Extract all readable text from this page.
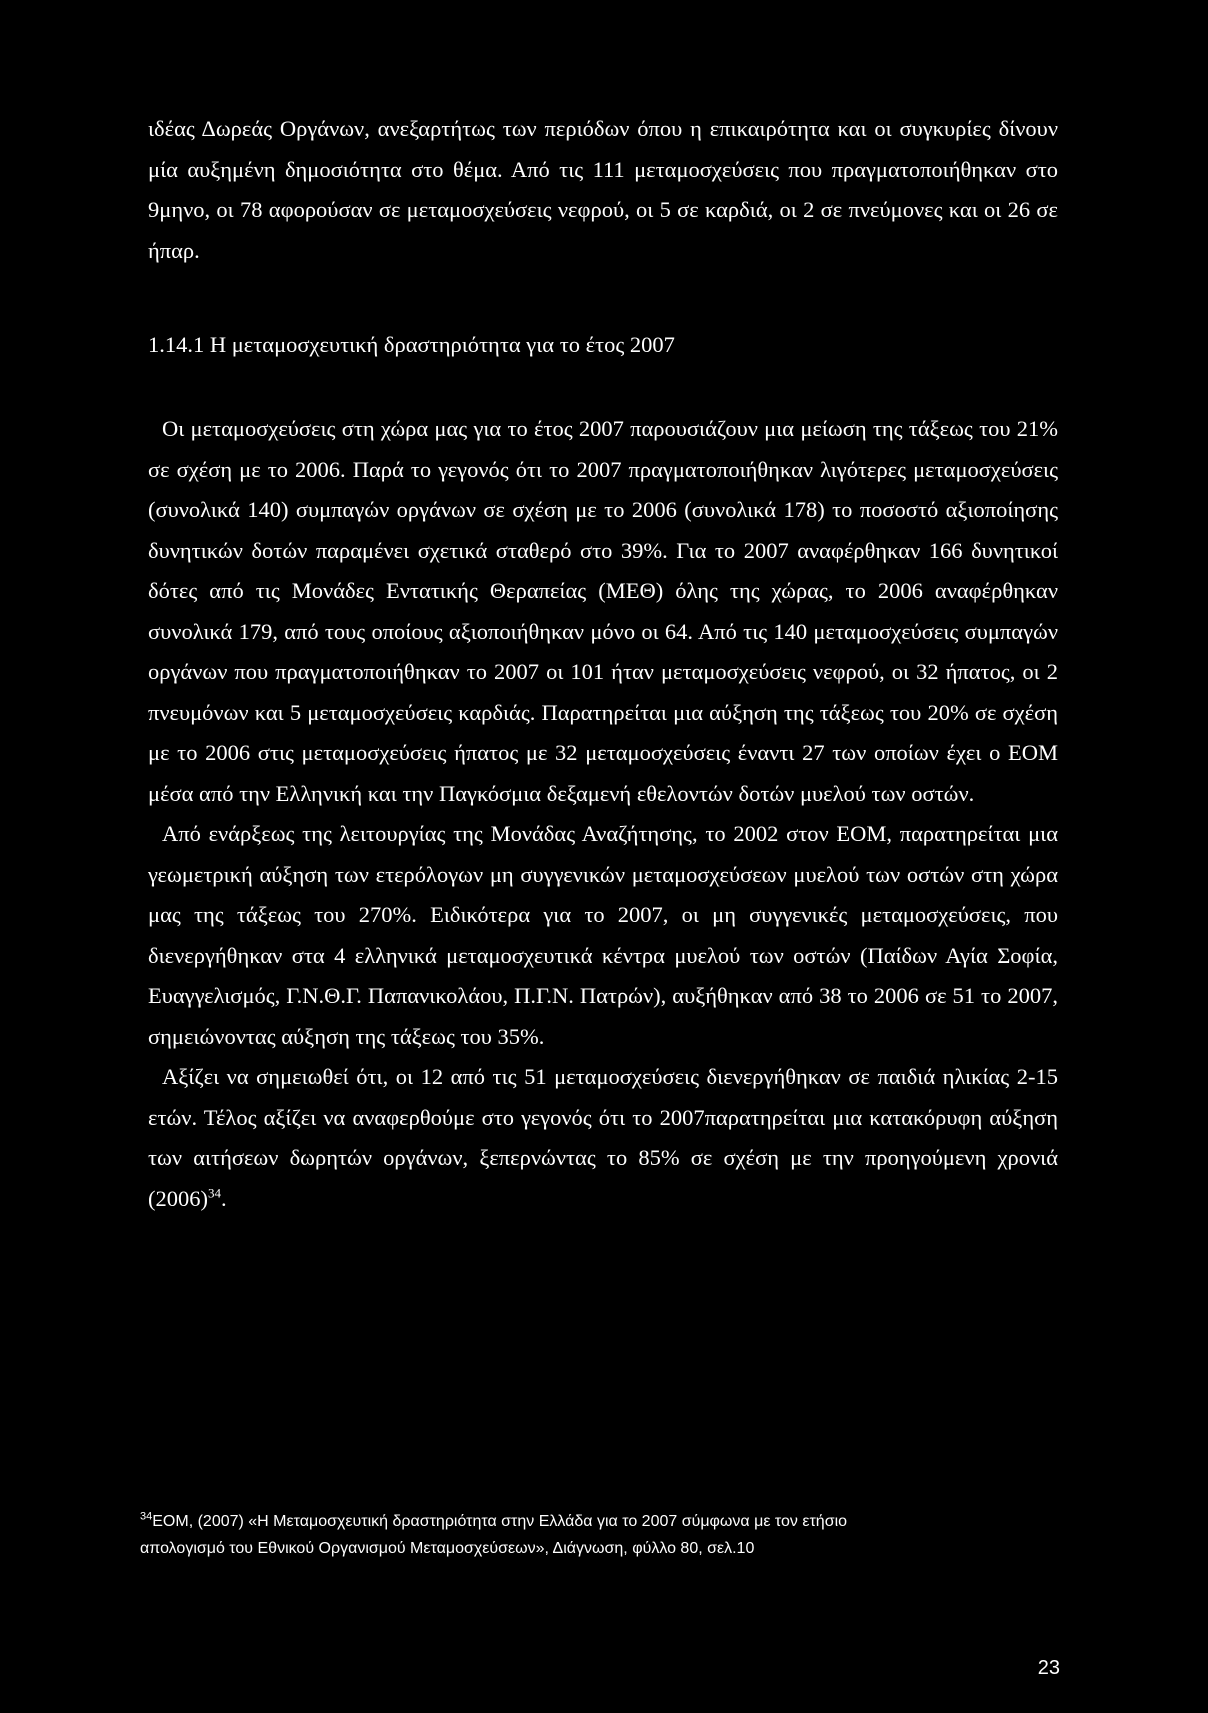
ιδέας Δωρεάς Οργάνων, ανεξαρτήτως των περιόδων όπου η επικαιρότητα και οι συγκυρίες δίνουν μία αυξημένη δημοσιότητα στο θέμα. Από τις 111 μεταμοσχεύσεις που πραγματοποιήθηκαν στο 9μηνο, οι 78 αφορούσαν σε μεταμοσχεύσεις νεφρού, οι 5 σε καρδιά, οι 2 σε πνεύμονες και οι 26 σε ήπαρ.

1.14.1 Η μεταμοσχευτική δραστηριότητα για το έτος 2007

Οι μεταμοσχεύσεις στη χώρα μας για το έτος 2007 παρουσιάζουν μια μείωση της τάξεως του 21% σε σχέση με το 2006. Παρά το γεγονός ότι το 2007 πραγματοποιήθηκαν λιγότερες μεταμοσχεύσεις (συνολικά 140) συμπαγών οργάνων σε σχέση με το 2006 (συνολικά 178) το ποσοστό αξιοποίησης δυνητικών δοτών παραμένει σχετικά σταθερό στο 39%. Για το 2007 αναφέρθηκαν 166 δυνητικοί δότες από τις Μονάδες Εντατικής Θεραπείας (ΜΕΘ) όλης της χώρας, το 2006 αναφέρθηκαν συνολικά 179, από τους οποίους αξιοποιήθηκαν μόνο οι 64. Από τις 140 μεταμοσχεύσεις συμπαγών οργάνων που πραγματοποιήθηκαν το 2007 οι 101 ήταν μεταμοσχεύσεις νεφρού, οι 32 ήπατος, οι 2 πνευμόνων και 5 μεταμοσχεύσεις καρδιάς. Παρατηρείται μια αύξηση της τάξεως του 20% σε σχέση με το 2006 στις μεταμοσχεύσεις ήπατος με 32 μεταμοσχεύσεις έναντι 27 των οποίων έχει ο ΕΟΜ μέσα από την Ελληνική και την Παγκόσμια δεξαμενή εθελοντών δοτών μυελού των οστών.

Από ενάρξεως της λειτουργίας της Μονάδας Αναζήτησης, το 2002 στον ΕΟΜ, παρατηρείται μια γεωμετρική αύξηση των ετερόλογων μη συγγενικών μεταμοσχεύσεων μυελού των οστών στη χώρα μας της τάξεως του 270%. Ειδικότερα για το 2007, οι μη συγγενικές μεταμοσχεύσεις, που διενεργήθηκαν στα 4 ελληνικά μεταμοσχευτικά κέντρα μυελού των οστών (Παίδων Αγία Σοφία, Ευαγγελισμός, Γ.Ν.Θ.Γ. Παπανικολάου, Π.Γ.Ν. Πατρών), αυξήθηκαν από 38 το 2006 σε 51 το 2007, σημειώνοντας αύξηση της τάξεως του 35%.

Αξίζει να σημειωθεί ότι, οι 12 από τις 51 μεταμοσχεύσεις διενεργήθηκαν σε παιδιά ηλικίας 2-15 ετών. Τέλος αξίζει να αναφερθούμε στο γεγονός ότι το 2007παρατηρείται μια κατακόρυφη αύξηση των αιτήσεων δωρητών οργάνων, ξεπερνώντας το 85% σε σχέση με την προηγούμενη χρονιά $(2006)^{34}$.

$^{34}$ΕΟΜ, (2007) «Η Μεταμοσχευτική δραστηριότητα στην Ελλάδα για το 2007 σύμφωνα με τον ετήσιο

απολογισμό του Εθνικού Οργανισμού Μεταμοσχεύσεων», Διάγνωση, φύλλο 80, σελ.10

23
